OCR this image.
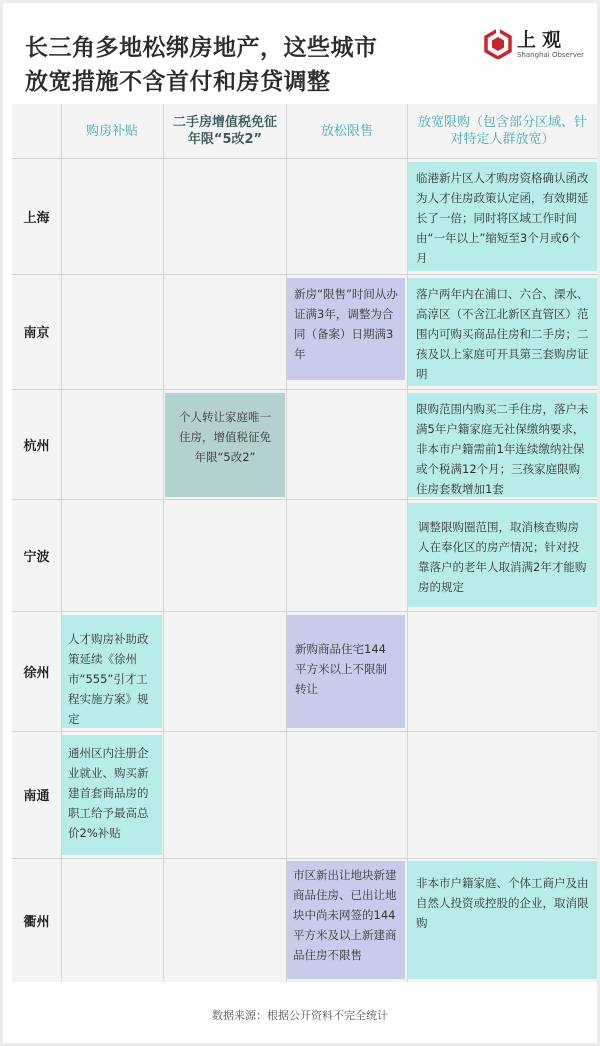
长三角多地松绑房地产，这些城市
放宽措施不含首付和房贷调整
上观
Shanghai Observer
购房补贴
二手房增值税免征年限“5改2”
放松限售
放宽限购（包含部分区域、针对特定人群放宽）
上海
南京
杭州
宁波
徐州
南通
衢州
临港新片区人才购房资格确认函改为人才住房政策认定函，有效期延长了一倍；同时将区域工作时间由“一年以上”缩短至3个月或6个月
新房“限售”时间从办证满3年，调整为合同（备案）日期满3年
落户两年内在浦口、六合、溧水、高淳区（不含江北新区直管区）范围内可购买商品住房和二手房；二孩及以上家庭可开具第三套购房证明
个人转让家庭唯一住房，增值税征免年限“5改2”
限购范围内购买二手住房，落户未满5年户籍家庭无社保缴纳要求，非本市户籍需前1年连续缴纳社保或个税满12个月；三孩家庭限购住房套数增加1套
调整限购圈范围，取消核查购房人在奉化区的房产情况；针对投靠落户的老年人取消满2年才能购房的规定
人才购房补助政策延续《徐州市“555”引才工程实施方案》规定
新购商品住宅144平方米以上不限制转让
通州区内注册企业就业、购买新建首套商品房的职工给予最高总价2%补贴
市区新出让地块新建商品住房、已出让地块中尚未网签的144平方米及以上新建商品住房不限售
非本市户籍家庭、个体工商户及由自然人投资或控股的企业，取消限购
数据来源：根据公开资料不完全统计
